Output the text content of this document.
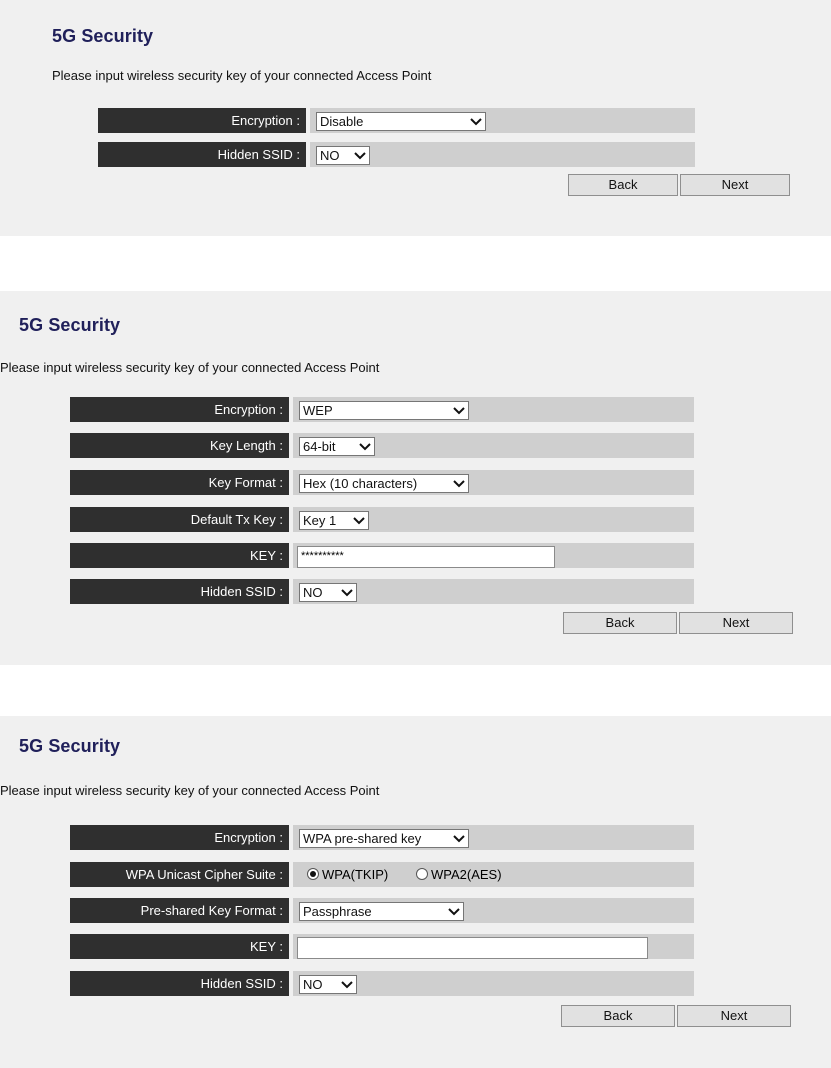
5G Security
Please input wireless security key of your connected Access Point
Encryption :	Disable
Hidden SSID :	NO
Back	Next
5G Security
Please input wireless security key of your connected Access Point
Encryption :	WEP
Key Length :	64-bit
Key Format :	Hex (10 characters)
Default Tx Key :	Key 1
KEY :	**********
Hidden SSID :	NO
Back	Next
5G Security
Please input wireless security key of your connected Access Point
Encryption :	WPA pre-shared key
WPA Unicast Cipher Suite :	WPA(TKIP)	WPA2(AES)
Pre-shared Key Format :	Passphrase
KEY :
Hidden SSID :	NO
Back	Next
